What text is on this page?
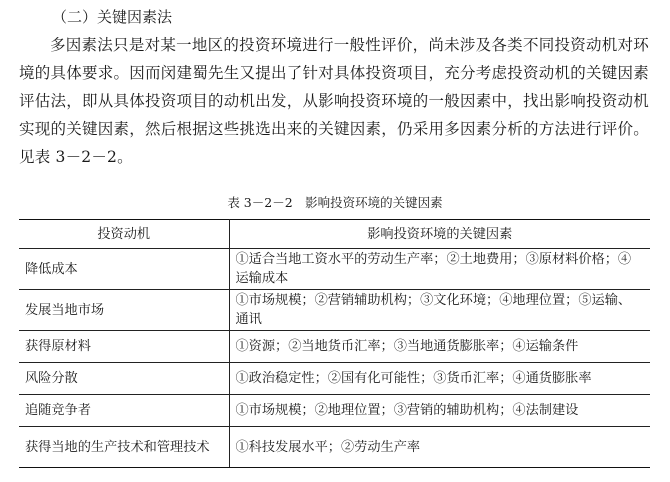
（二）关键因素法

多因素法只是对某一地区的投资环境进行一般性评价，尚未涉及各类不同投资动机对环境的具体要求。因而闵建蜀先生又提出了针对具体投资项目，充分考虑投资动机的关键因素评估法，即从具体投资项目的动机出发，从影响投资环境的一般因素中，找出影响投资动机实现的关键因素，然后根据这些挑选出来的关键因素，仍采用多因素分析的方法进行评价。见表 3－2－2。

表 3－2－2　影响投资环境的关键因素
投资动机	影响投资环境的关键因素
降低成本	①适合当地工资水平的劳动生产率；②土地费用；③原材料价格；④运输成本
发展当地市场	①市场规模；②营销辅助机构；③文化环境；④地理位置；⑤运输、通讯
获得原材料	①资源；②当地货币汇率；③当地通货膨胀率；④运输条件
风险分散	①政治稳定性；②国有化可能性；③货币汇率；④通货膨胀率
追随竞争者	①市场规模；②地理位置；③营销的辅助机构；④法制建设
获得当地的生产技术和管理技术	①科技发展水平；②劳动生产率
